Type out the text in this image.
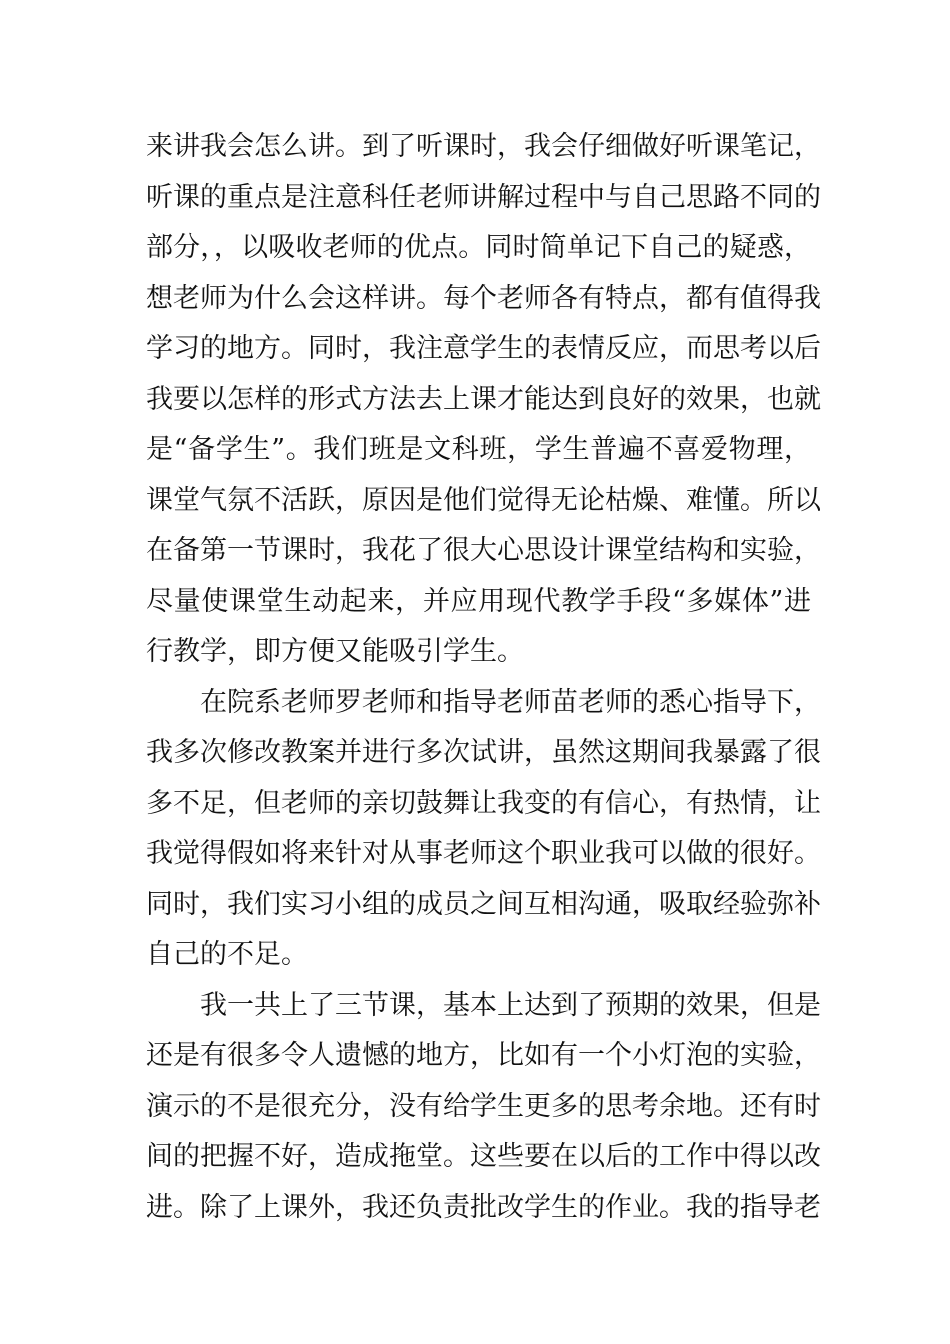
来讲我会怎么讲。到了听课时，我会仔细做好听课笔记，
听课的重点是注意科任老师讲解过程中与自己思路不同的
部分，，以吸收老师的优点。同时简单记下自己的疑惑，
想老师为什么会这样讲。每个老师各有特点，都有值得我
学习的地方。同时，我注意学生的表情反应，而思考以后
我要以怎样的形式方法去上课才能达到良好的效果，也就
是“备学生”。我们班是文科班，学生普遍不喜爱物理，
课堂气氛不活跃，原因是他们觉得无论枯燥、难懂。所以
在备第一节课时，我花了很大心思设计课堂结构和实验，
尽量使课堂生动起来，并应用现代教学手段“多媒体”进
行教学，即方便又能吸引学生。
在院系老师罗老师和指导老师苗老师的悉心指导下，
我多次修改教案并进行多次试讲，虽然这期间我暴露了很
多不足，但老师的亲切鼓舞让我变的有信心，有热情，让
我觉得假如将来针对从事老师这个职业我可以做的很好。
同时，我们实习小组的成员之间互相沟通，吸取经验弥补
自己的不足。
我一共上了三节课，基本上达到了预期的效果，但是
还是有很多令人遗憾的地方，比如有一个小灯泡的实验，
演示的不是很充分，没有给学生更多的思考余地。还有时
间的把握不好，造成拖堂。这些要在以后的工作中得以改
进。除了上课外，我还负责批改学生的作业。我的指导老
